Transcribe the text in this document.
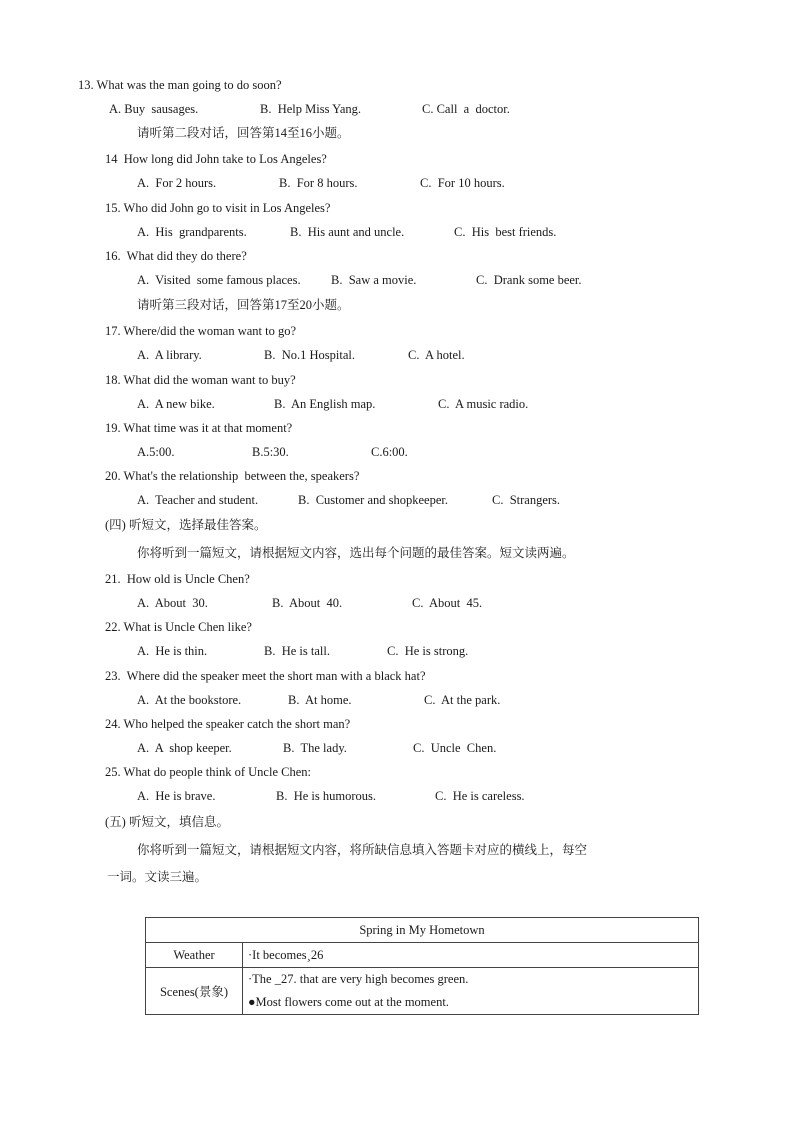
13. What was the man going to do soon?
A. Buy  sausages.	B.  Help Miss Yang.	C. Call  a  doctor.
请听第二段对话，回答第14至16小题。
14  How long did John take to Los Angeles?
A.  For 2 hours.	B.  For 8 hours.	C.  For 10 hours.
15. Who did John go to visit in Los Angeles?
A.  His  grandparents.	B.  His aunt and uncle.	C.  His  best friends.
16.  What did they do there?
A.  Visited  some famous places. B.  Saw a movie.	C.  Drank some beer.
请听第三段对话，回答第17至20小题。
17. Where/did the woman want to go?
A.  A library.	B.  No.1 Hospital.	C.  A hotel.
18. What did the woman want to buy?
A.  A new bike.	B.  An English map.	C.  A music radio.
19. What time was it at that moment?
A.5:00.	B.5:30.	C.6:00.
20. What's the relationship  between the, speakers?
A.  Teacher and student.	B.  Customer and shopkeeper.	C.  Strangers.
(四) 听短文，选择最佳答案。
你将听到一篇短文，请根据短文内容，选出每个问题的最佳答案。短文读两遍。
21.  How old is Uncle Chen?
A.  About  30.	B.  About  40.	C.  About  45.
22. What is Uncle Chen like?
A.  He is thin.	B.  He is tall.	C.  He is strong.
23.  Where did the speaker meet the short man with a black hat?
A.  At the bookstore.	B.  At home.	C.  At the park.
24. Who helped the speaker catch the short man?
A.  A  shop keeper.	B.  The lady.	C.  Uncle  Chen.
25. What do people think of Uncle Chen:
A.  He is brave.	B.  He is humorous.	C.  He is careless.
(五) 听短文，填信息。
你将听到一篇短文，请根据短文内容，将所缺信息填入答题卡对应的横线上，每空
一词。文读三遍。
Spring in My Hometown	
Weather	·It becomes¸26
Scenes(景象)	·The _27. that are very high becomes green.
●Most flowers come out at the moment.
